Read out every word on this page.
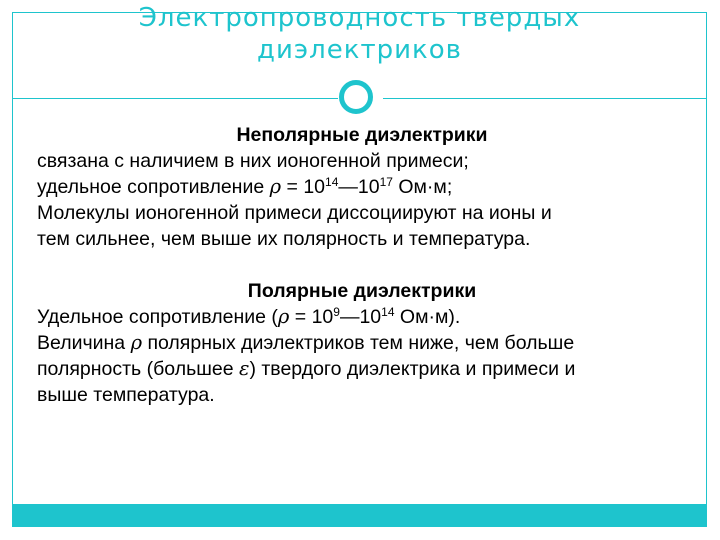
Электропроводность твердых
диэлектриков

Неполярные диэлектрики

связана с наличием в них ионогенной примеси;

удельное сопротивление $\rho = 10^{14}—10^{17}$ Ом·м;

Молекулы ионогенной примеси диссоциируют на ионы и

тем сильнее, чем выше их полярность и температура.

Полярные диэлектрики

Удельное сопротивление ($\rho = 10^9—10^{14}$ Ом·м).

Величина ρ полярных диэлектриков тем ниже, чем больше

полярность (большее ε) твердого диэлектрика и примеси и

выше температура.
